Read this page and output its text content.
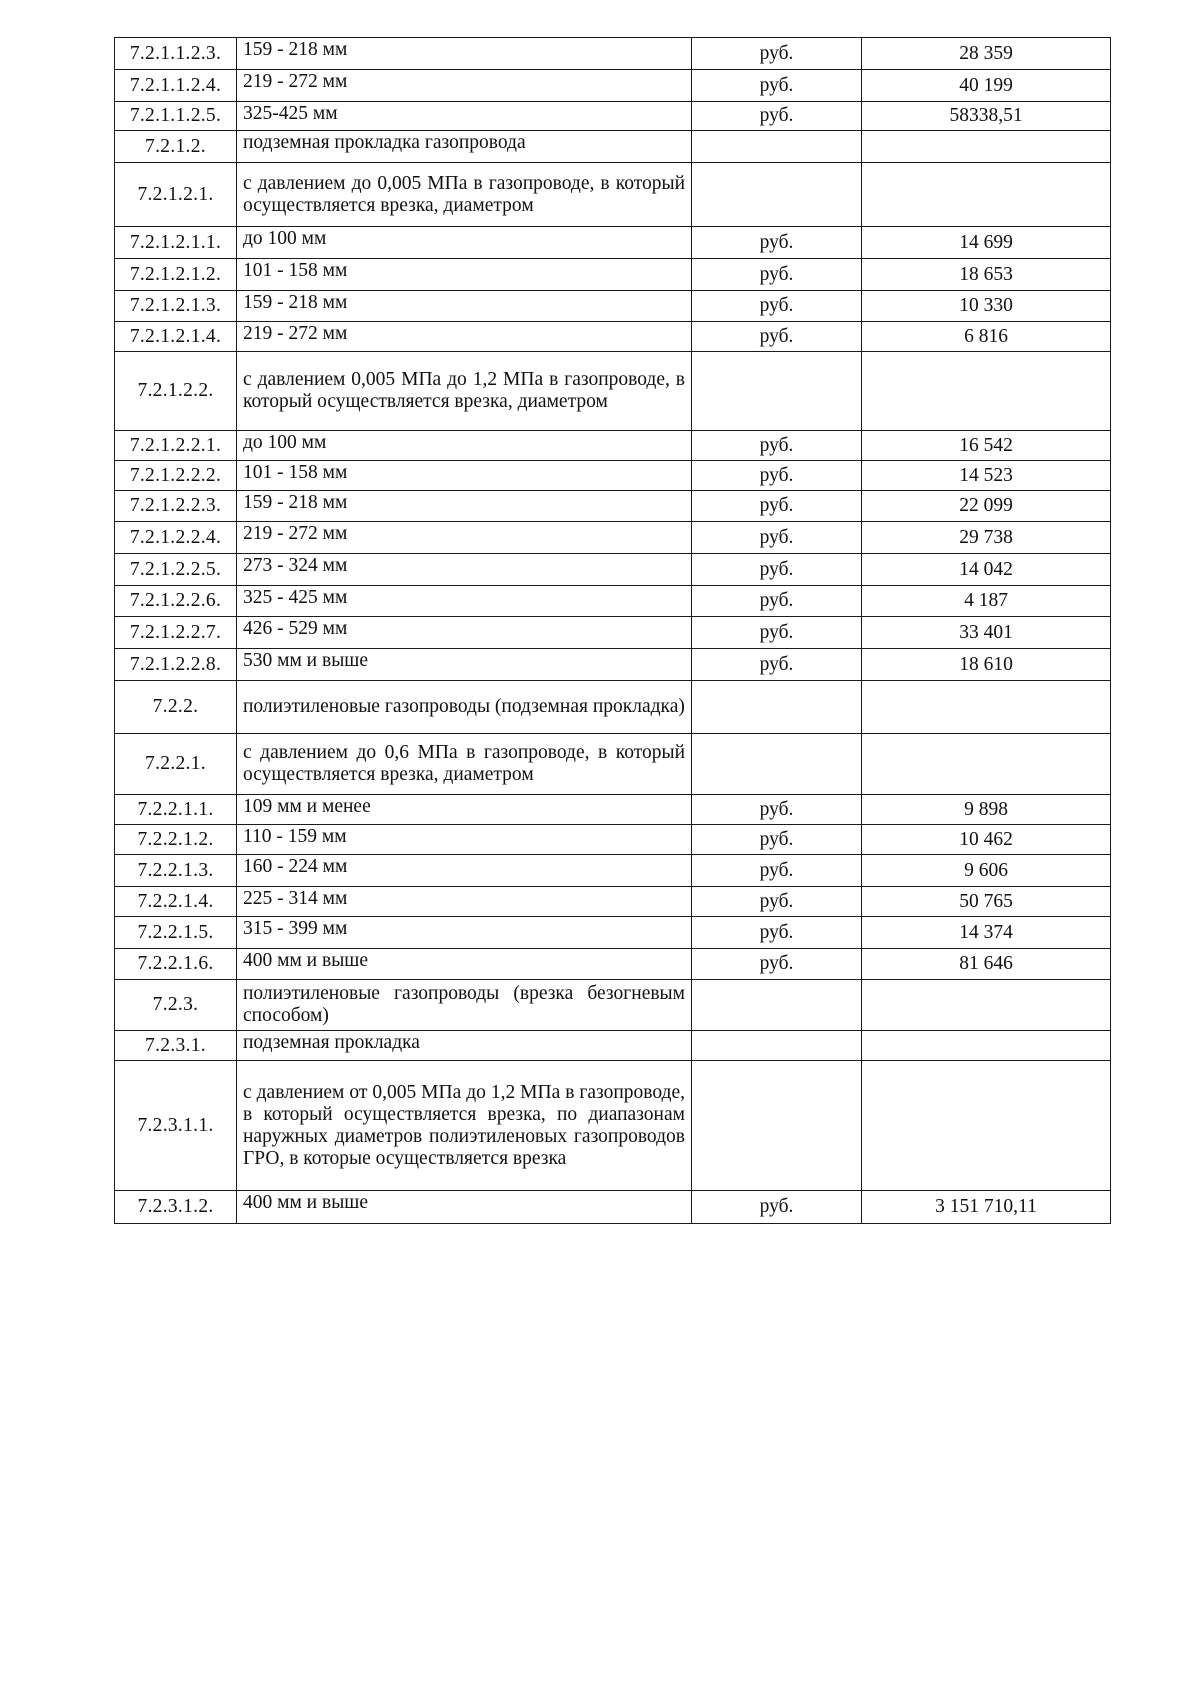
7.2.1.1.2.3.	159 - 218 мм	руб.	28 359
7.2.1.1.2.4.	219 - 272 мм	руб.	40 199
7.2.1.1.2.5.	325-425 мм	руб.	58338,51
7.2.1.2.	подземная прокладка газопровода		
7.2.1.2.1.	с давлением до 0,005 МПа в газопроводе, в который осуществляется врезка, диаметром		
7.2.1.2.1.1.	до 100 мм	руб.	14 699
7.2.1.2.1.2.	101 - 158 мм	руб.	18 653
7.2.1.2.1.3.	159 - 218 мм	руб.	10 330
7.2.1.2.1.4.	219 - 272 мм	руб.	6 816
7.2.1.2.2.	с давлением 0,005 МПа до 1,2 МПа в газопроводе, в который осуществляется врезка, диаметром		
7.2.1.2.2.1.	до 100 мм	руб.	16 542
7.2.1.2.2.2.	101 - 158 мм	руб.	14 523
7.2.1.2.2.3.	159 - 218 мм	руб.	22 099
7.2.1.2.2.4.	219 - 272 мм	руб.	29 738
7.2.1.2.2.5.	273 - 324 мм	руб.	14 042
7.2.1.2.2.6.	325 - 425 мм	руб.	4 187
7.2.1.2.2.7.	426 - 529 мм	руб.	33 401
7.2.1.2.2.8.	530 мм и выше	руб.	18 610
7.2.2.	полиэтиленовые газопроводы (подземная прокладка)		
7.2.2.1.	с давлением до 0,6 МПа в газопроводе, в который осуществляется врезка, диаметром		
7.2.2.1.1.	109 мм и менее	руб.	9 898
7.2.2.1.2.	110 - 159 мм	руб.	10 462
7.2.2.1.3.	160 - 224 мм	руб.	9 606
7.2.2.1.4.	225 - 314 мм	руб.	50 765
7.2.2.1.5.	315 - 399 мм	руб.	14 374
7.2.2.1.6.	400 мм и выше	руб.	81 646
7.2.3.	полиэтиленовые газопроводы (врезка безогневым способом)		
7.2.3.1.	подземная прокладка		
7.2.3.1.1.	с давлением от 0,005 МПа до 1,2 МПа в газопроводе, в который осуществляется врезка, по диапазонам наружных диаметров полиэтиленовых газопроводов ГРО, в которые осуществляется врезка		
7.2.3.1.2.	400 мм и выше	руб.	3 151 710,11
